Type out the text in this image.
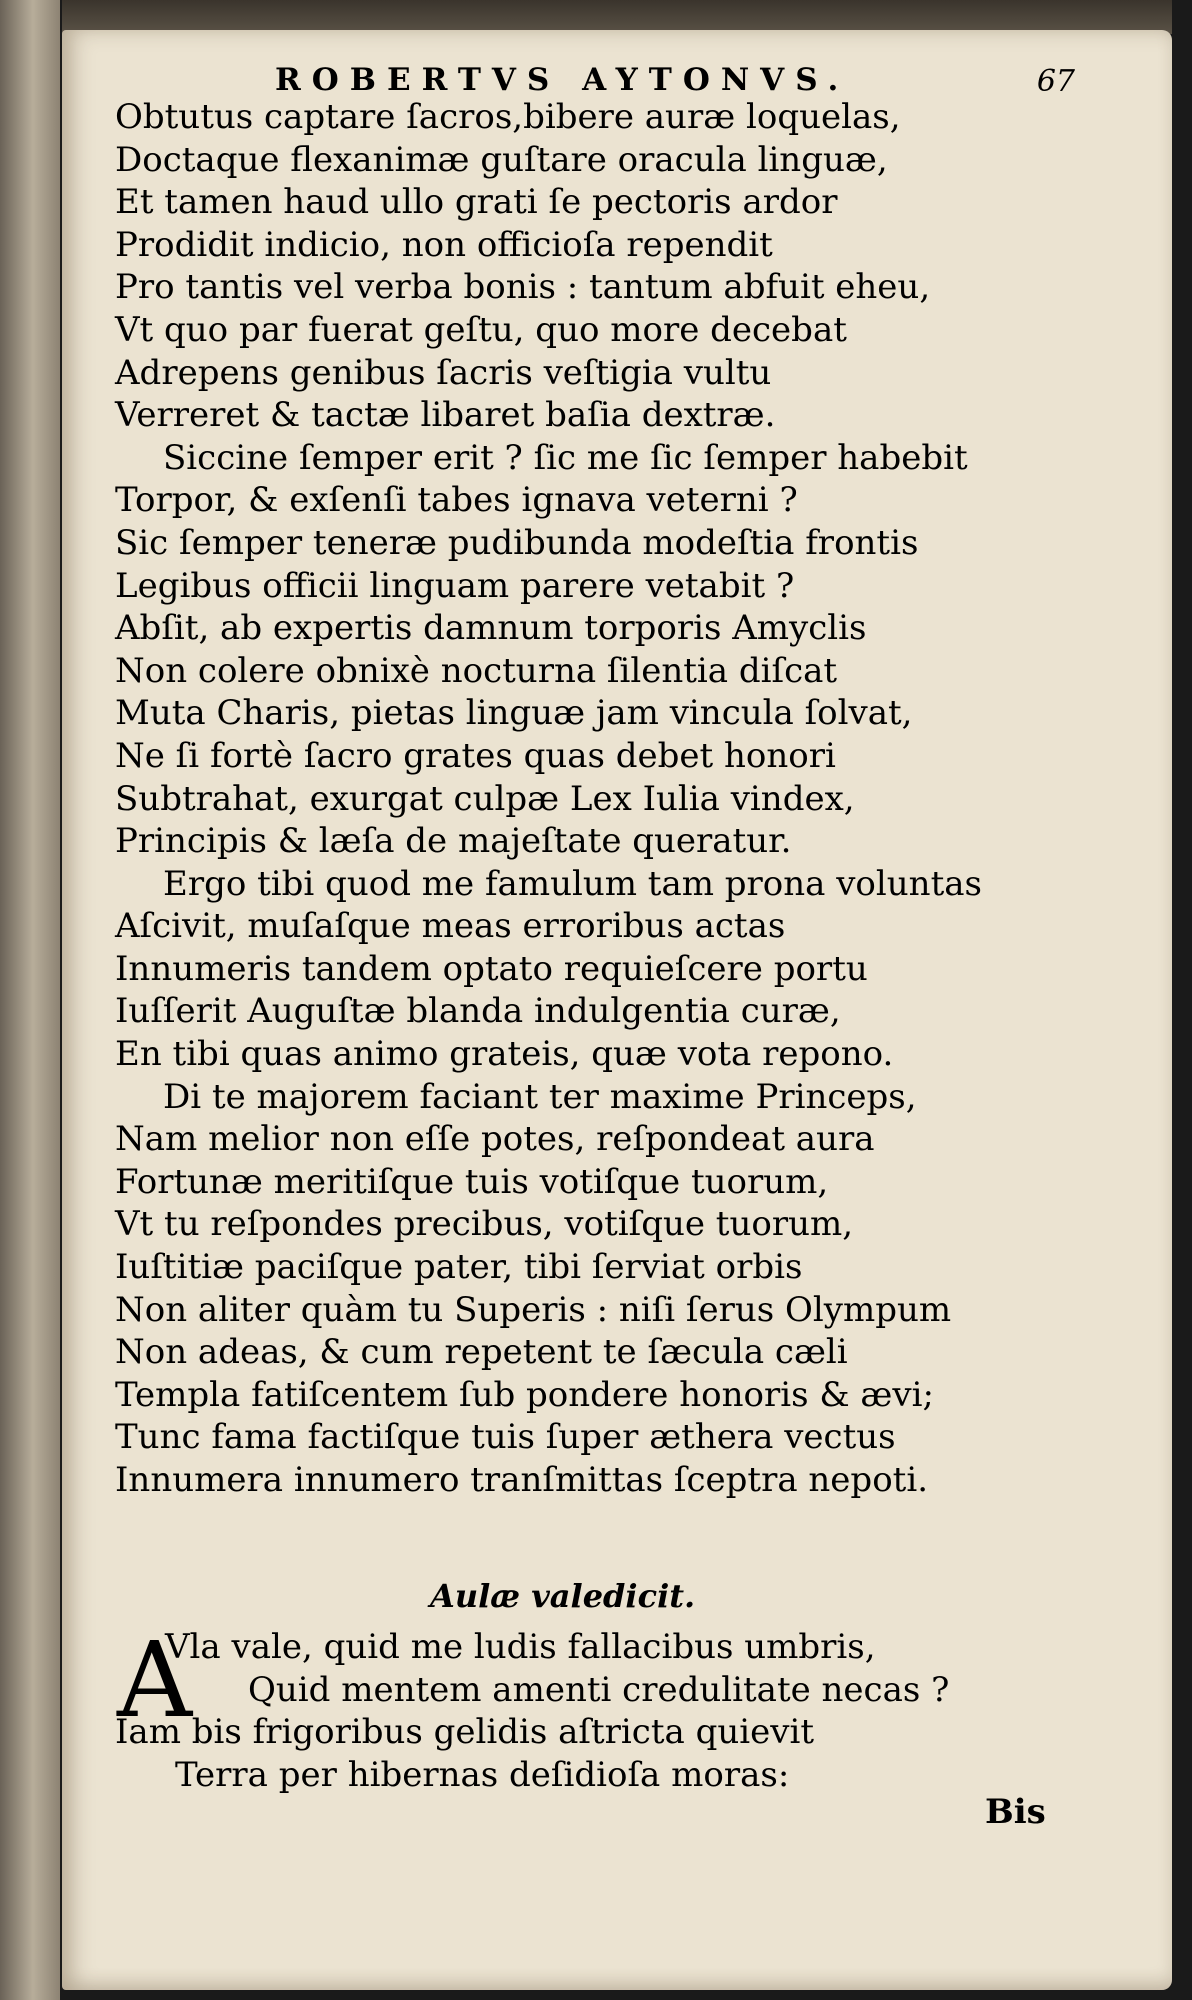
ROBERTVS AYTONVS.	67

Obtutus captare ſacros,bibere auræ loquelas,
Doctaque flexanimæ guſtare oracula linguæ,
Et tamen haud ullo grati ſe pectoris ardor
Prodidit indicio, non officioſa rependit
Pro tantis vel verba bonis : tantum abfuit eheu,
Vt quo par fuerat geſtu, quo more decebat
Adrepens genibus ſacris veſtigia vultu
Verreret & tactæ libaret baſia dextræ.
Siccine ſemper erit ? ſic me ſic ſemper habebit
Torpor, & exſenſi tabes ignava veterni ?
Sic ſemper teneræ pudibunda modeſtia frontis
Legibus officii linguam parere vetabit ?
Abſit, ab expertis damnum torporis Amyclis
Non colere obnixè nocturna ſilentia diſcat
Muta Charis, pietas linguæ jam vincula ſolvat,
Ne ſi fortè ſacro grates quas debet honori
Subtrahat, exurgat culpæ Lex Iulia vindex,
Principis & læſa de majeſtate queratur.
Ergo tibi quod me famulum tam prona voluntas
Aſcivit, muſaſque meas erroribus actas
Innumeris tandem optato requieſcere portu
Iuſſerit Auguſtæ blanda indulgentia curæ,
En tibi quas animo grateis, quæ vota repono.
Di te majorem faciant ter maxime Princeps,
Nam melior non eſſe potes, reſpondeat aura
Fortunæ meritiſque tuis votiſque tuorum,
Vt tu reſpondes precibus, votiſque tuorum,
Iuſtitiæ paciſque pater, tibi ſerviat orbis
Non aliter quàm tu Superis : niſi ſerus Olympum
Non adeas, & cum repetent te ſæcula cæli
Templa fatiſcentem ſub pondere honoris & ævi;
Tunc fama factiſque tuis ſuper æthera vectus
Innumera innumero tranſmittas ſceptra nepoti.

Aulæ valedicit.

A
Vla vale, quid me ludis fallacibus umbris,
Quid mentem amenti credulitate necas ?
Iam bis frigoribus gelidis aſtricta quievit
Terra per hibernas deſidioſa moras:

Bis
